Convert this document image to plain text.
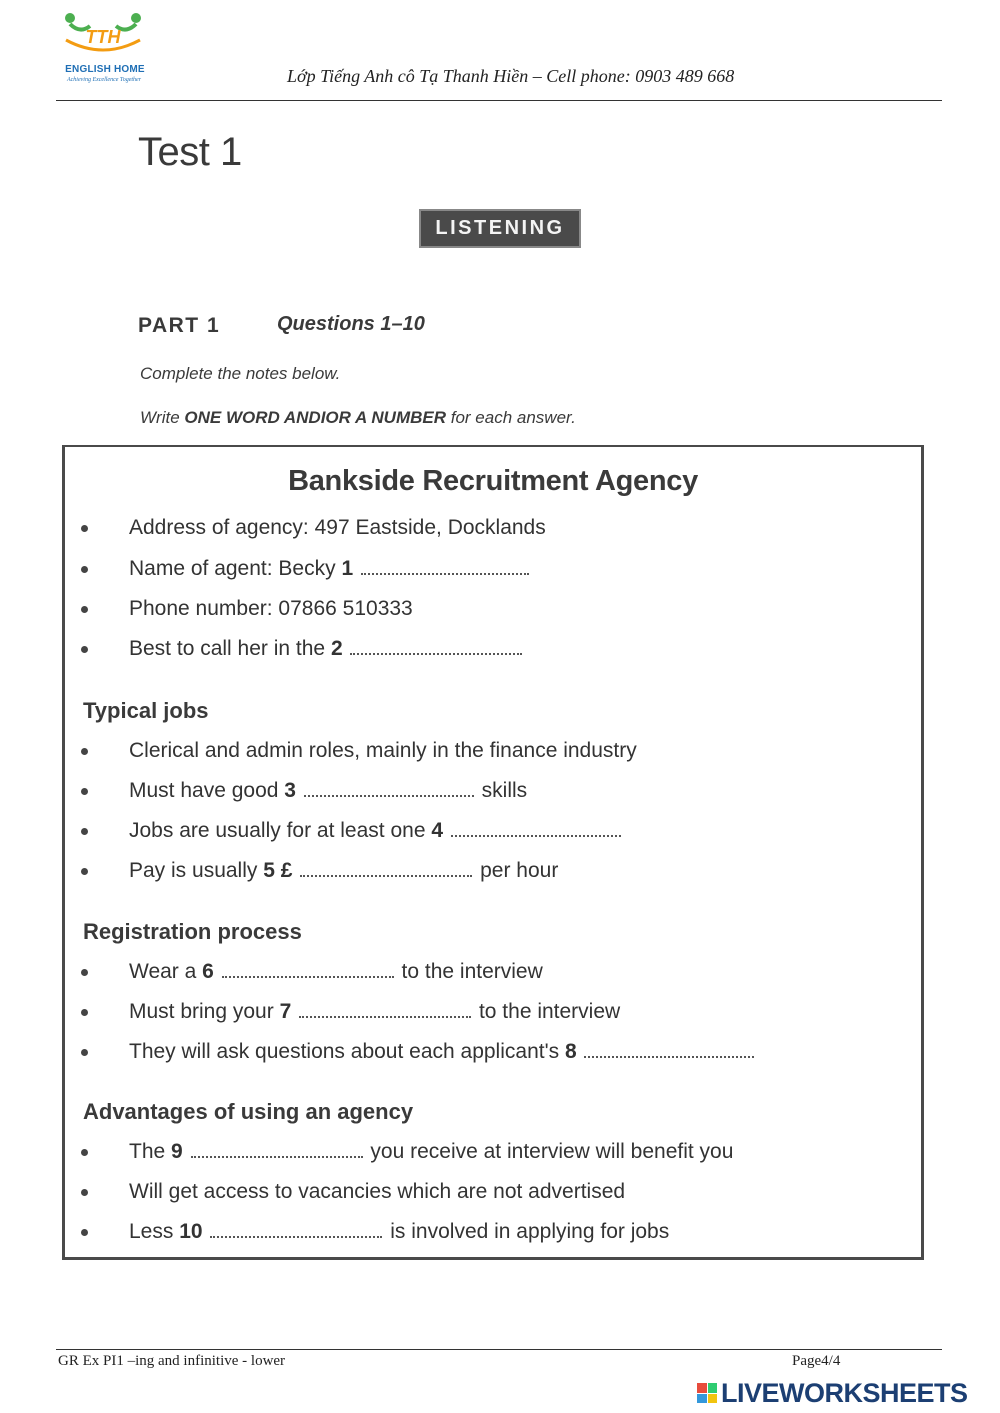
TTH
ENGLISH HOME
Achieving Excellence Together	Lớp Tiếng Anh cô Tạ Thanh Hiền – Cell phone: 0903 489 668
Test 1
LISTENING
PART 1	Questions 1–10
Complete the notes below.
Write ONE WORD ANDIOR A NUMBER for each answer.
Bankside Recruitment Agency
Address of agency: 497 Eastside, Docklands
Name of agent: Becky 1
Phone number: 07866 510333
Best to call her in the 2
Typical jobs
Clerical and admin roles, mainly in the finance industry
Must have good 3	skills
Jobs are usually for at least one 4
Pay is usually 5 £	per hour
Registration process
Wear a 6	to the interview
Must bring your 7	to the interview
They will ask questions about each applicant's 8
Advantages of using an agency
The 9	you receive at interview will benefit you
Will get access to vacancies which are not advertised
Less 10	is involved in applying for jobs
GR Ex PI1 –ing and infinitive - lower	Page4/4
LIVEWORKSHEETS
